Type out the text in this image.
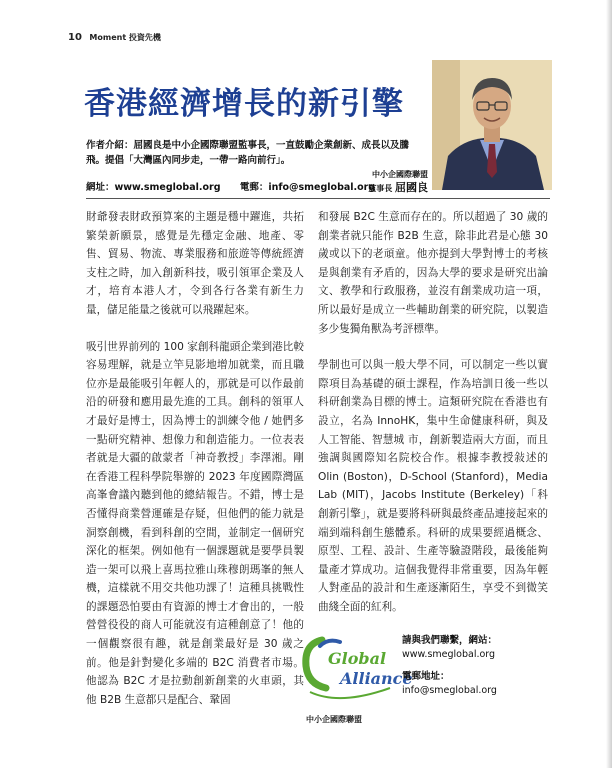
10 Moment 投資先機
香港經濟增長的新引擎
作者介紹：屈國良是中小企國際聯盟監事長，一直鼓勵企業創新、成長以及騰飛。提倡「大灣區內同步走，一帶一路向前行」。
網址：www.smeglobal.org 電郵：info@smeglobal.org
中小企國際聯盟
監事長 屈國良

財爺發表財政預算案的主題是穩中躍進，共拓繁榮新願景，感覺是先穩定金融、地產、零售、貿易、物流、專業服務和旅遊等傳統經濟支柱之時，加入創新科技，吸引領軍企業及人才，培育本港人才，令到各行各業有新生力量，儲足能量之後就可以飛躍起來。

吸引世界前列的 100 家創科龍頭企業到港比較容易理解，就是立竿見影地增加就業，而且職位亦是最能吸引年輕人的，那就是可以作最前沿的研發和應用最先進的工具。創科的領軍人才最好是博士，因為博士的訓練令他 / 她們多一點研究精神、想像力和創造能力。一位表表者就是大疆的啟蒙者「神奇教授」李澤湘。剛在香港工程科學院舉辦的 2023 年度國際灣區高峯會議內聽到他的總結報告。不錯，博士是否懂得商業營運確是存疑，但他們的能力就是洞察創機，看到科創的空間，並制定一個研究深化的框架。例如他有一個課題就是要學員製造一架可以飛上喜馬拉雅山珠穆朗瑪峯的無人機，這樣就不用交共他功課了！這種具挑戰性的課題恐怕要由有資源的博士才會出的，一般營營役役的商人可能就沒有這種創意了！他的一個觀察很有趣，就是創業最好是 30 歲之前。他是針對變化多端的 B2C 消費者市場。他認為 B2C 才是拉動創新創業的火車頭，其他 B2B 生意都只是配合、鞏固

和發展 B2C 生意而存在的。所以超過了 30 歲的創業者就只能作 B2B 生意，除非此君是心態 30 歲或以下的老頑童。他亦提到大學對博士的考核是與創業有矛盾的，因為大學的要求是研究出論文、教學和行政服務，並沒有創業成功這一項，所以最好是成立一些輔助創業的研究院，以製造多少隻獨角獸為考評標準。

學制也可以與一般大學不同，可以制定一些以實際項目為基礎的碩士課程，作為培訓日後一些以科研創業為目標的博士。這類研究院在香港也有設立，名為 InnoHK，集中生命健康科研，與及人工智能、智慧城 市，創新製造兩大方面，而且強調與國際知名院校合作。根據李教授敍述的 Olin (Boston)，D-School (Stanford)，Media Lab (MIT)，Jacobs Institute (Berkeley)「科創新引擎」，就是要將科研與最終產品連接起來的端到端科創生態體系。科研的成果要經過概念、原型、工程、設計、生產等驗證階段，最後能夠量產才算成功。這個我覺得非常重要，因為年輕人對產品的設計和生產逐漸陌生，享受不到微笑曲綫全面的紅利。

Global
Alliance
中小企國際聯盟
請與我們聯繫，網站：
www.smeglobal.org
電郵地址：
info@smeglobal.org
